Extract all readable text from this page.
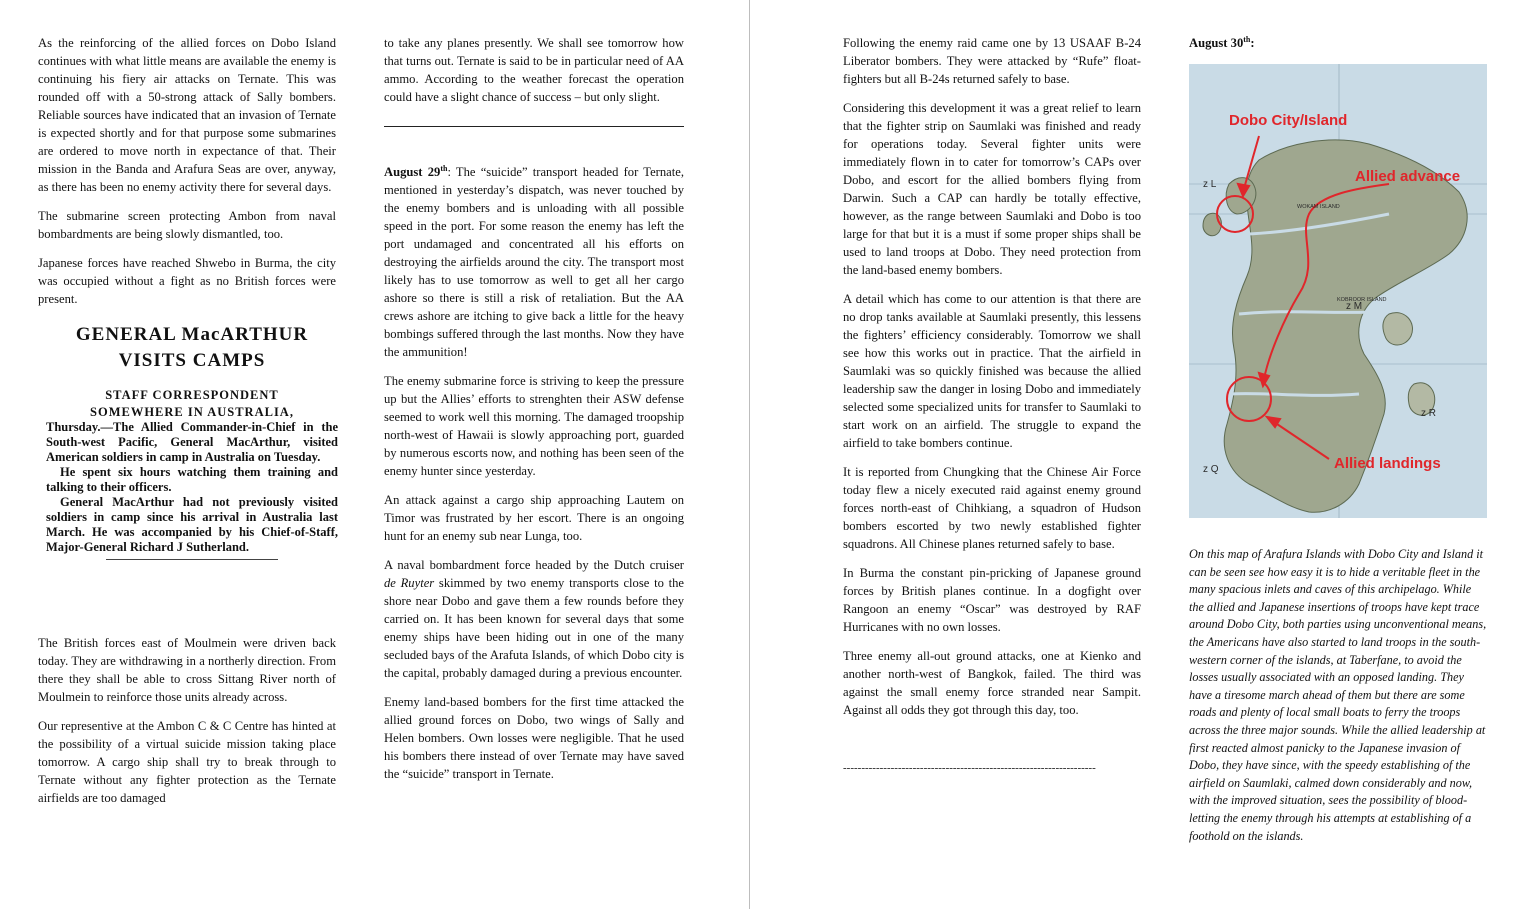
As the reinforcing of the allied forces on Dobo Island continues with what little means are available the enemy is continuing his fiery air attacks on Ternate. This was rounded off with a 50-strong attack of Sally bombers. Reliable sources have indicated that an invasion of Ternate is expected shortly and for that purpose some submarines are ordered to move north in expectance of that. Their mission in the Banda and Arafura Seas are over, anyway, as there has been no enemy activity there for several days.

The submarine screen protecting Ambon from naval bombardments are being slowly dismantled, too.

Japanese forces have reached Shwebo in Burma, the city was occupied without a fight as no British forces were present.

GENERAL MacARTHUR VISITS CAMPS
STAFF CORRESPONDENT
SOMEWHERE IN AUSTRALIA,
Thursday.—The Allied Commander-in-Chief in the South-west Pacific, General MacArthur, visited American soldiers in camp in Australia on Tuesday.
He spent six hours watching them training and talking to their officers.
General MacArthur had not previously visited soldiers in camp since his arrival in Australia last March. He was accompanied by his Chief-of-Staff, Major-General Richard J Sutherland.

The British forces east of Moulmein were driven back today. They are withdrawing in a northerly direction. From there they shall be able to cross Sittang River north of Moulmein to reinforce those units already across.

Our representive at the Ambon C & C Centre has hinted at the possibility of a virtual suicide mission taking place tomorrow. A cargo ship shall try to break through to Ternate without any fighter protection as the Ternate airfields are too damaged

to take any planes presently. We shall see tomorrow how that turns out. Ternate is said to be in particular need of AA ammo. According to the weather forecast the operation could have a slight chance of success – but only slight.

August 29th: The “suicide” transport headed for Ternate, mentioned in yesterday’s dispatch, was never touched by the enemy bombers and is unloading with all possible speed in the port. For some reason the enemy has left the port undamaged and concentrated all his efforts on destroying the airfields around the city. The transport most likely has to use tomorrow as well to get all her cargo ashore so there is still a risk of retaliation. But the AA crews ashore are itching to give back a little for the heavy bombings suffered through the last months. Now they have the ammunition!

The enemy submarine force is striving to keep the pressure up but the Allies’ efforts to strenghten their ASW defense seemed to work well this morning. The damaged troopship north-west of Hawaii is slowly approaching port, guarded by numerous escorts now, and nothing has been seen of the enemy hunter since yesterday.

An attack against a cargo ship approaching Lautem on Timor was frustrated by her escort. There is an ongoing hunt for an enemy sub near Lunga, too.

A naval bombardment force headed by the Dutch cruiser de Ruyter skimmed by two enemy transports close to the shore near Dobo and gave them a few rounds before they carried on. It has been known for several days that some enemy ships have been hiding out in one of the many secluded bays of the Arafuta Islands, of which Dobo city is the capital, probably damaged during a previous encounter.

Enemy land-based bombers for the first time attacked the allied ground forces on Dobo, two wings of Sally and Helen bombers. Own losses were negligible. That he used his bombers there instead of over Ternate may have saved the “suicide” transport in Ternate.

Following the enemy raid came one by 13 USAAF B-24 Liberator bombers. They were attacked by “Rufe” float-fighters but all B-24s returned safely to base.

Considering this development it was a great relief to learn that the fighter strip on Saumlaki was finished and ready for operations today. Several fighter units were immediately flown in to cater for tomorrow’s CAPs over Dobo, and escort for the allied bombers flying from Darwin. Such a CAP can hardly be totally effective, however, as the range between Saumlaki and Dobo is too large for that but it is a must if some proper ships shall be used to land troops at Dobo. They need protection from the land-based enemy bombers.

A detail which has come to our attention is that there are no drop tanks available at Saumlaki presently, this lessens the fighters’ efficiency considerably. Tomorrow we shall see how this works out in practice. That the airfield in Saumlaki was so quickly finished was because the allied leadership saw the danger in losing Dobo and immediately selected some specialized units for transfer to Saumlaki to start work on an airfield. The struggle to expand the airfield to take bombers continue.

It is reported from Chungking that the Chinese Air Force today flew a nicely executed raid against enemy ground forces north-east of Chihkiang, a squadron of Hudson bombers escorted by two newly established fighter squadrons. All Chinese planes returned safely to base.

In Burma the constant pin-pricking of Japanese ground forces by British planes continue. In a dogfight over Rangoon an enemy “Oscar” was destroyed by RAF Hurricanes with no own losses.

Three enemy all-out ground attacks, one at Kienko and another north-west of Bangkok, failed. The third was against the small enemy force stranded near Sampit. Against all odds they got through this day, too.

---------------------------------------------------------------------
August 30th:
Dobo City/Island
Allied advance
Allied landings
z L
z M
z Q
z R
WOKAM ISLAND
KOBROOR ISLAND
On this map of Arafura Islands with Dobo City and Island it can be seen see how easy it is to hide a veritable fleet in the many spacious inlets and caves of this archipelago. While the allied and Japanese insertions of troops have kept trace around Dobo City, both parties using unconventional means, the Americans have also started to land troops in the south-western corner of the islands, at Taberfane, to avoid the losses usually associated with an opposed landing. They have a tiresome march ahead of them but there are some roads and plenty of local small boats to ferry the troops across the three major sounds. While the allied leadership at first reacted almost panicky to the Japanese invasion of Dobo, they have since, with the speedy establishing of the airfield on Saumlaki, calmed down considerably and now, with the improved situation, sees the possibility of blood-letting the enemy through his attempts at establishing of a foothold on the islands.
